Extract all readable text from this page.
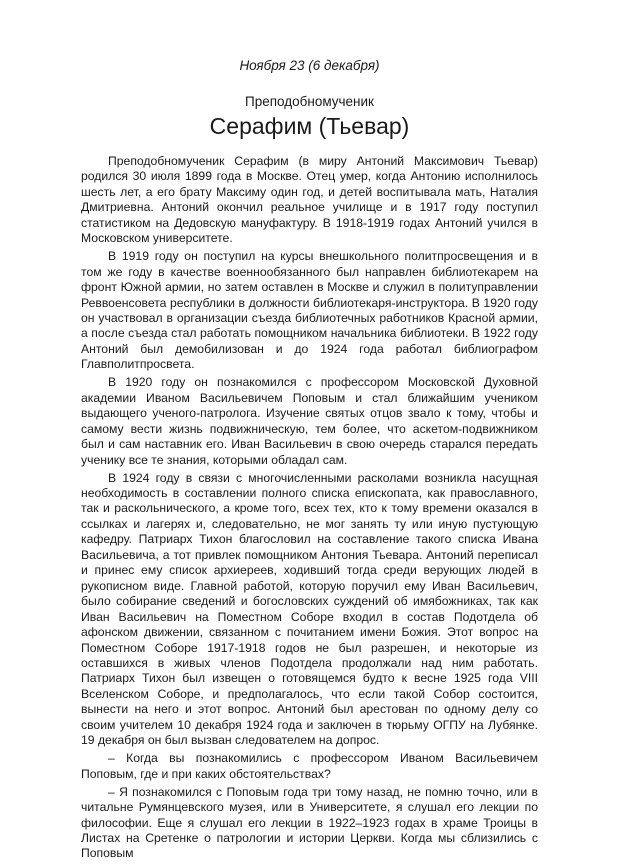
Ноября 23 (6 декабря)
Преподобномученик
Серафим (Тьевар)

Преподобномученик Серафим (в миру Антоний Максимович Тьевар) родился 30 июля 1899 года в Москве. Отец умер, когда Антонию исполнилось шесть лет, а его брату Максиму один год, и детей воспитывала мать, Наталия Дмитриевна. Антоний окончил реальное училище и в 1917 году поступил статистиком на Дедовскую мануфактуру. В 1918-1919 годах Антоний учился в Московском университете.

В 1919 году он поступил на курсы внешкольного политпросвещения и в том же году в качестве военнообязанного был направлен библиотекарем на фронт Южной армии, но затем оставлен в Москве и служил в политуправлении Реввоенсовета республики в должности библиотекаря-инструктора. В 1920 году он участвовал в организации съезда библиотечных работников Красной армии, а после съезда стал работать помощником начальника библиотеки. В 1922 году Антоний был демобилизован и до 1924 года работал библиографом Главполитпросвета.

В 1920 году он познакомился с профессором Московской Духовной академии Иваном Васильевичем Поповым и стал ближайшим учеником выдающего ученого-патролога. Изучение святых отцов звало к тому, чтобы и самому вести жизнь подвижническую, тем более, что аскетом-подвижником был и сам наставник его. Иван Васильевич в свою очередь старался передать ученику все те знания, которыми обладал сам.

В 1924 году в связи с многочисленными расколами возникла насущная необходимость в составлении полного списка епископата, как православного, так и раскольнического, а кроме того, всех тех, кто к тому времени оказался в ссылках и лагерях и, следовательно, не мог занять ту или иную пустующую кафедру. Патриарх Тихон благословил на составление такого списка Ивана Васильевича, а тот привлек помощником Антония Тьевара. Антоний переписал и принес ему список архиереев, ходивший тогда среди верующих людей в рукописном виде. Главной работой, которую поручил ему Иван Васильевич, было собирание сведений и богословских суждений об имябожниках, так как Иван Васильевич на Поместном Соборе входил в состав Подотдела об афонском движении, связанном с почитанием имени Божия. Этот вопрос на Поместном Соборе 1917-1918 годов не был разрешен, и некоторые из оставшихся в живых членов Подотдела продолжали над ним работать. Патриарх Тихон был извещен о готовящемся будто к весне 1925 года VIII Вселенском Соборе, и предполагалось, что если такой Собор состоится, вынести на него и этот вопрос. Антоний был арестован по одному делу со своим учителем 10 декабря 1924 года и заключен в тюрьму ОГПУ на Лубянке. 19 декабря он был вызван следователем на допрос.

– Когда вы познакомились с профессором Иваном Васильевичем Поповым, где и при каких обстоятельствах?

– Я познакомился с Поповым года три тому назад, не помню точно, или в читальне Румянцевского музея, или в Университете, я слушал его лекции по философии. Еще я слушал его лекции в 1922–1923 годах в храме Троицы в Листах на Сретенке о патрологии и истории Церкви. Когда мы сблизились с Поповым
